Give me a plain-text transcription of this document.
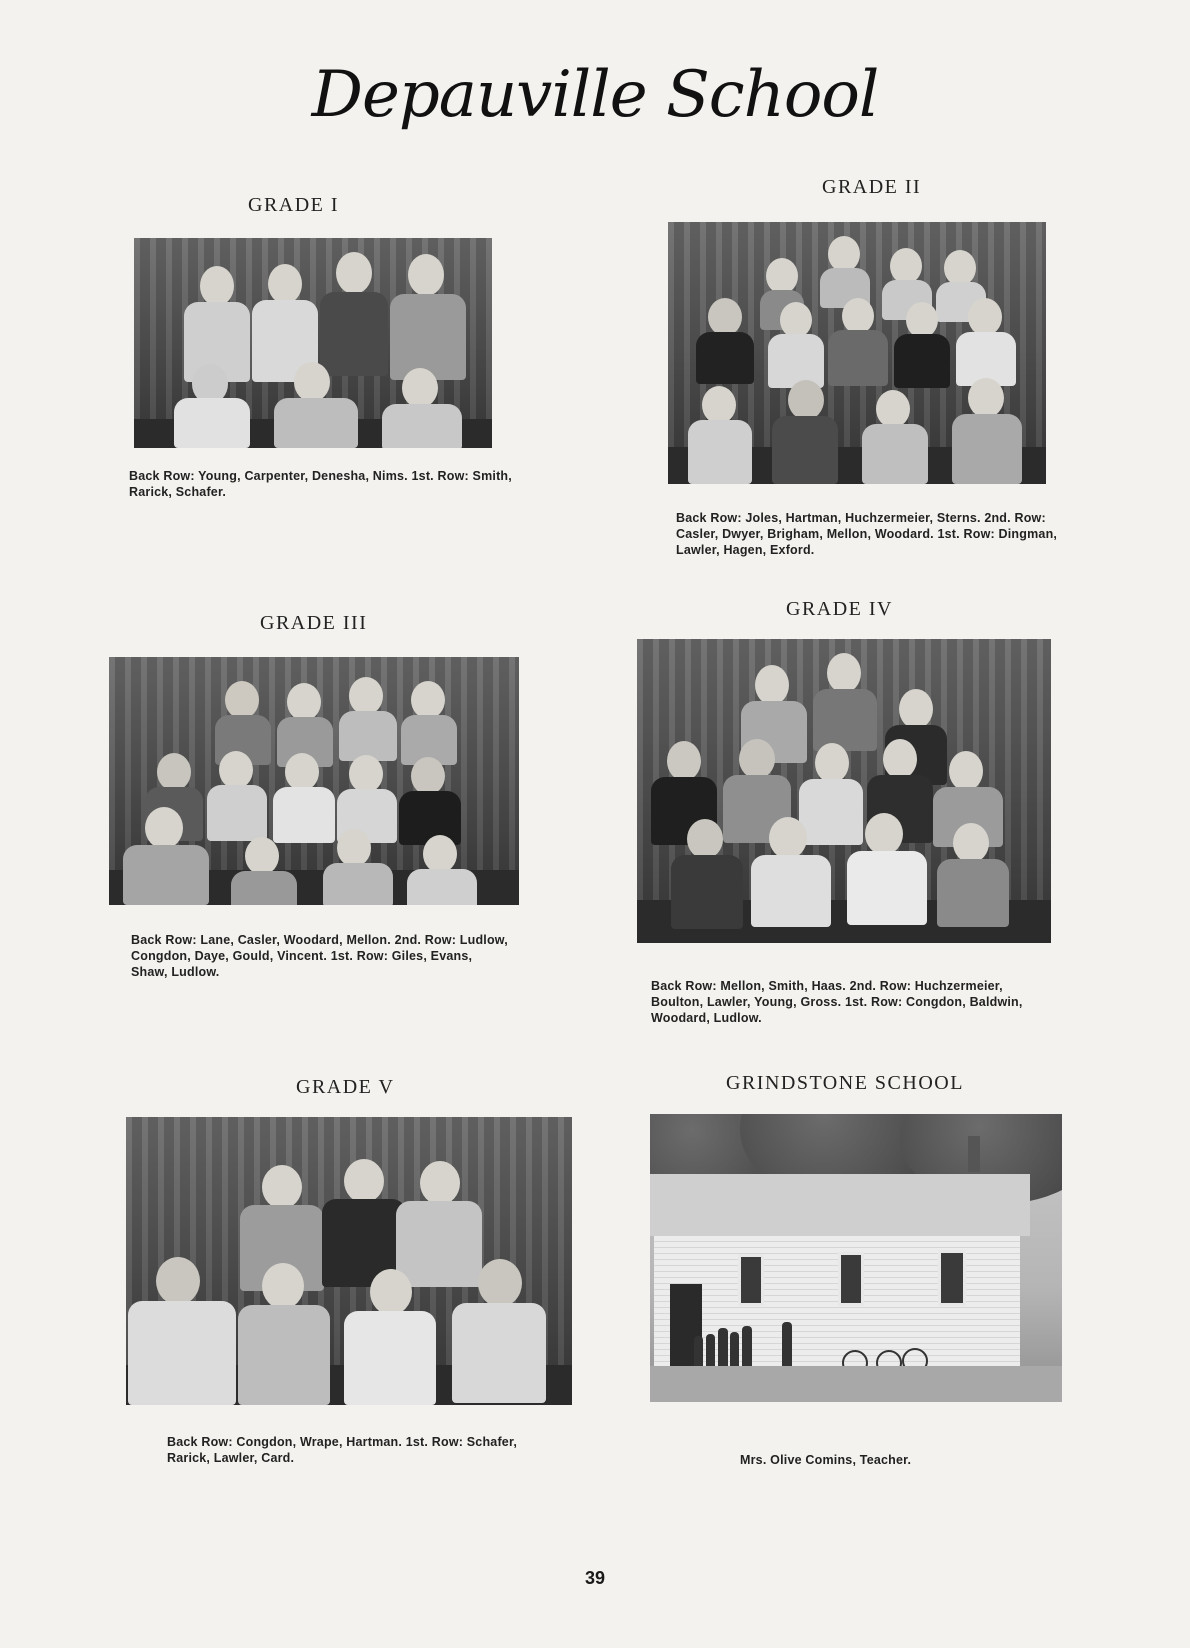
Depauville School
GRADE I
Back Row: Young, Carpenter, Denesha, Nims. 1st. Row: Smith, Rarick, Schafer.
GRADE II
Back Row: Joles, Hartman, Huchzermeier, Sterns. 2nd. Row: Casler, Dwyer, Brigham, Mellon, Woodard. 1st. Row: Dingman, Lawler, Hagen, Exford.
GRADE III
Back Row: Lane, Casler, Woodard, Mellon. 2nd. Row: Ludlow, Congdon, Daye, Gould, Vincent. 1st. Row: Giles, Evans, Shaw, Ludlow.
GRADE IV
Back Row: Mellon, Smith, Haas. 2nd. Row: Huchzermeier, Boulton, Lawler, Young, Gross. 1st. Row: Congdon, Baldwin, Woodard, Ludlow.
GRADE V
Back Row: Congdon, Wrape, Hartman. 1st. Row: Schafer, Rarick, Lawler, Card.
GRINDSTONE SCHOOL
Mrs. Olive Comins, Teacher.
39
